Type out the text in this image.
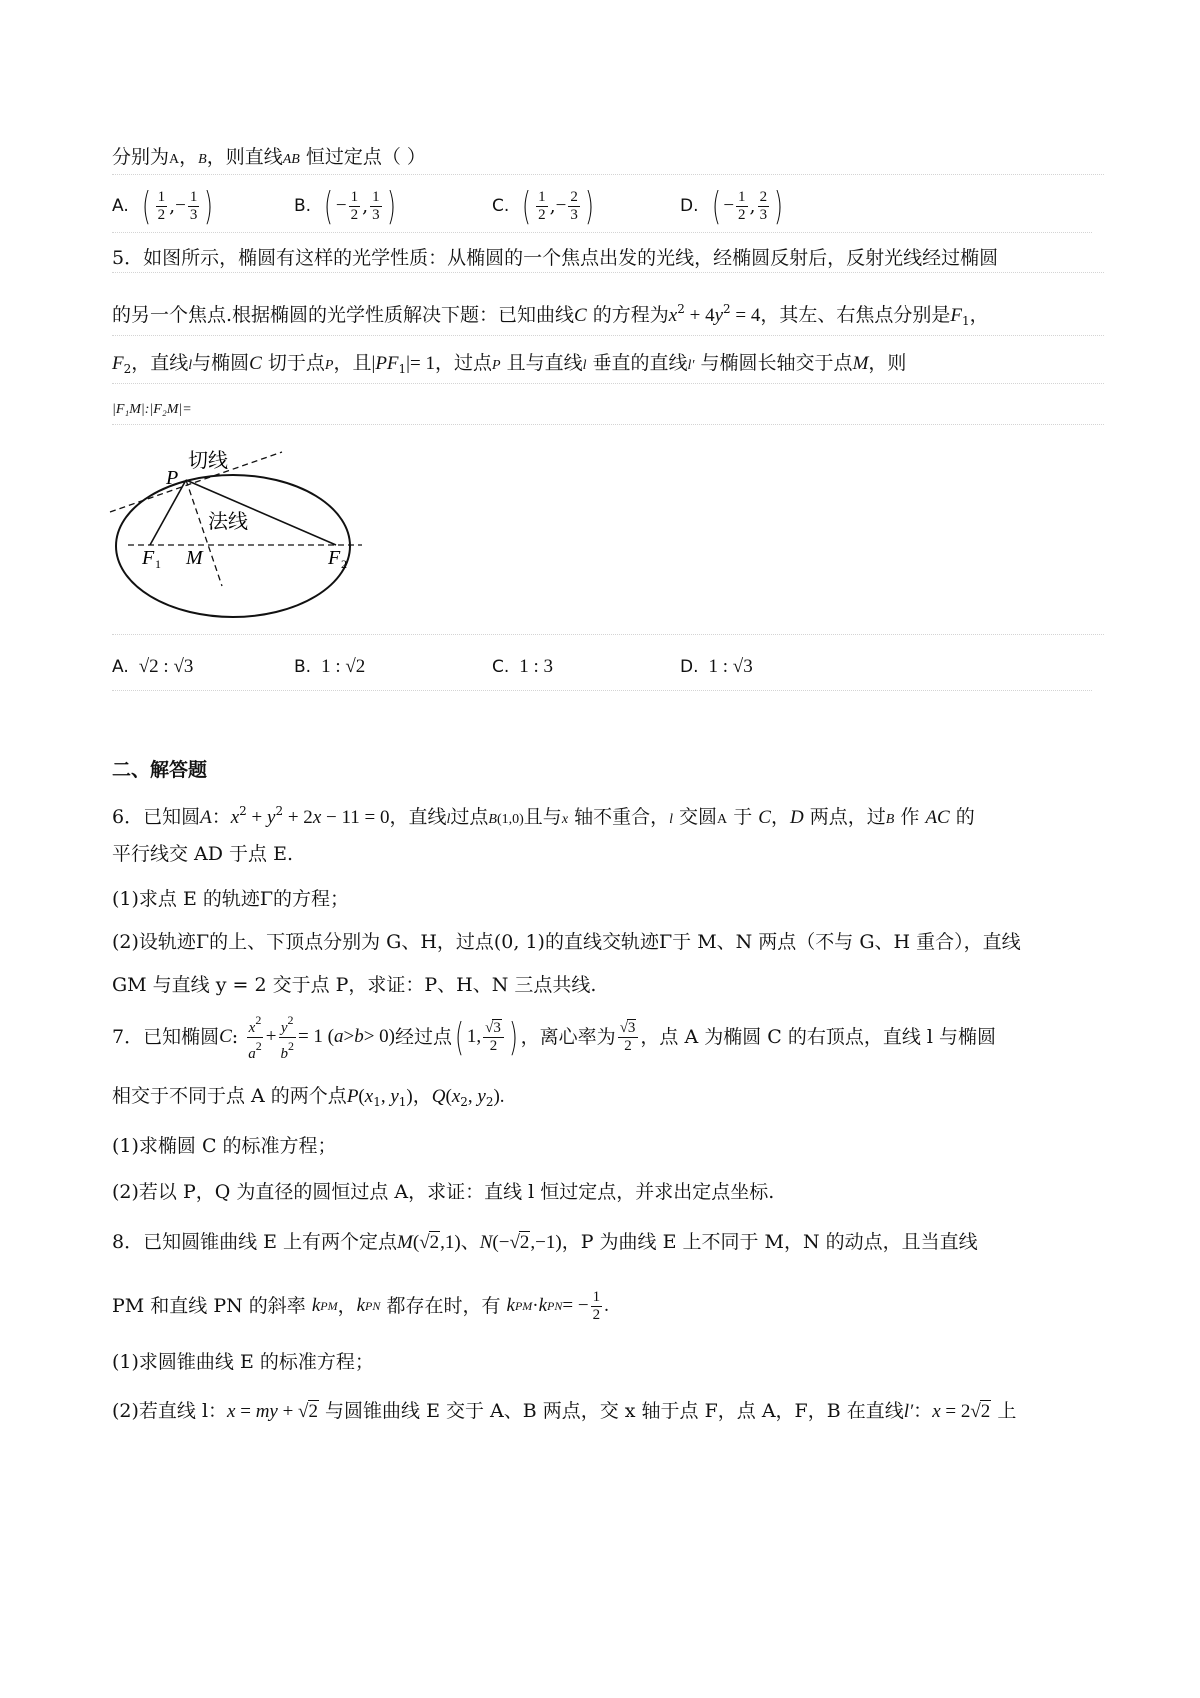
分别为A，B，则直线AB 恒过定点（ ）
A. ( $\frac{1}{2}$ , − $\frac{1}{3}$ )	B. ( − $\frac{1}{2}$ , $\frac{1}{3}$ )	C. ( $\frac{1}{2}$ , − $\frac{2}{3}$ )	D. ( − $\frac{1}{2}$ , $\frac{2}{3}$ )
5．如图所示，椭圆有这样的光学性质：从椭圆的一个焦点出发的光线，经椭圆反射后，反射光线经过椭圆
的另一个焦点.根据椭圆的光学性质解决下题：已知曲线C 的方程为$x^2 + 4y^2 = 4$，其左、右焦点分别是$F_1$，
$F_2$，直线l与椭圆C 切于点P，且$|PF_1|= 1$，过点P 且与直线l 垂直的直线l′ 与椭圆长轴交于点M，则
|F₁M|:|F₂M|=
切线
法线
P
F 1 M	F 2
A. √2 : √3	B. 1 : √2	C. 1 : 3	D. 1 : √3
二、解答题
6．已知圆A：$x^2 + y^2 + 2x - 11 = 0$，直线l过点B(1,0)且与x 轴不重合，l 交圆A 于 C，D 两点，过B 作 AC 的
平行线交 AD 于点 E.
(1)求点 E 的轨迹Γ的方程；
(2)设轨迹Γ的上、下顶点分别为 G、H，过点(0, 1)的直线交轨迹Γ于 M、N 两点（不与 G、H 重合），直线
GM 与直线 y = 2 交于点 P，求证：P、H、N 三点共线.
7．已知椭圆 C : $\frac{x^2}{a^2} + \frac{y^2}{b^2} = 1$ ( a > b > 0) 经过点 ( 1, $\frac{√3}{2}$ ) ，离心率为 $\frac{√3}{2}$ ，点 A 为椭圆 C 的右顶点，直线 l 与椭圆
相交于不同于点 A 的两个点$P(x_1$, $y_1$)，$Q(x_2$, $y_2$).
(1)求椭圆 C 的标准方程；
(2)若以 P，Q 为直径的圆恒过点 A，求证：直线 l 恒过定点，并求出定点坐标.
8．已知圆锥曲线 E 上有两个定点M(√2,1)、N(−√2,−1)，P 为曲线 E 上不同于 M，N 的动点，且当直线
PM 和直线 PN 的斜率
k PM ， k PN
都存在时，有
k PM · k PN = − $\frac{1}{2}$ .
(1)求圆锥曲线 E 的标准方程；
(2)若直线 l：x = my + √2 与圆锥曲线 E 交于 A、B 两点，交 x 轴于点 F，点 A，F，B 在直线l′：x = 2√2 上
